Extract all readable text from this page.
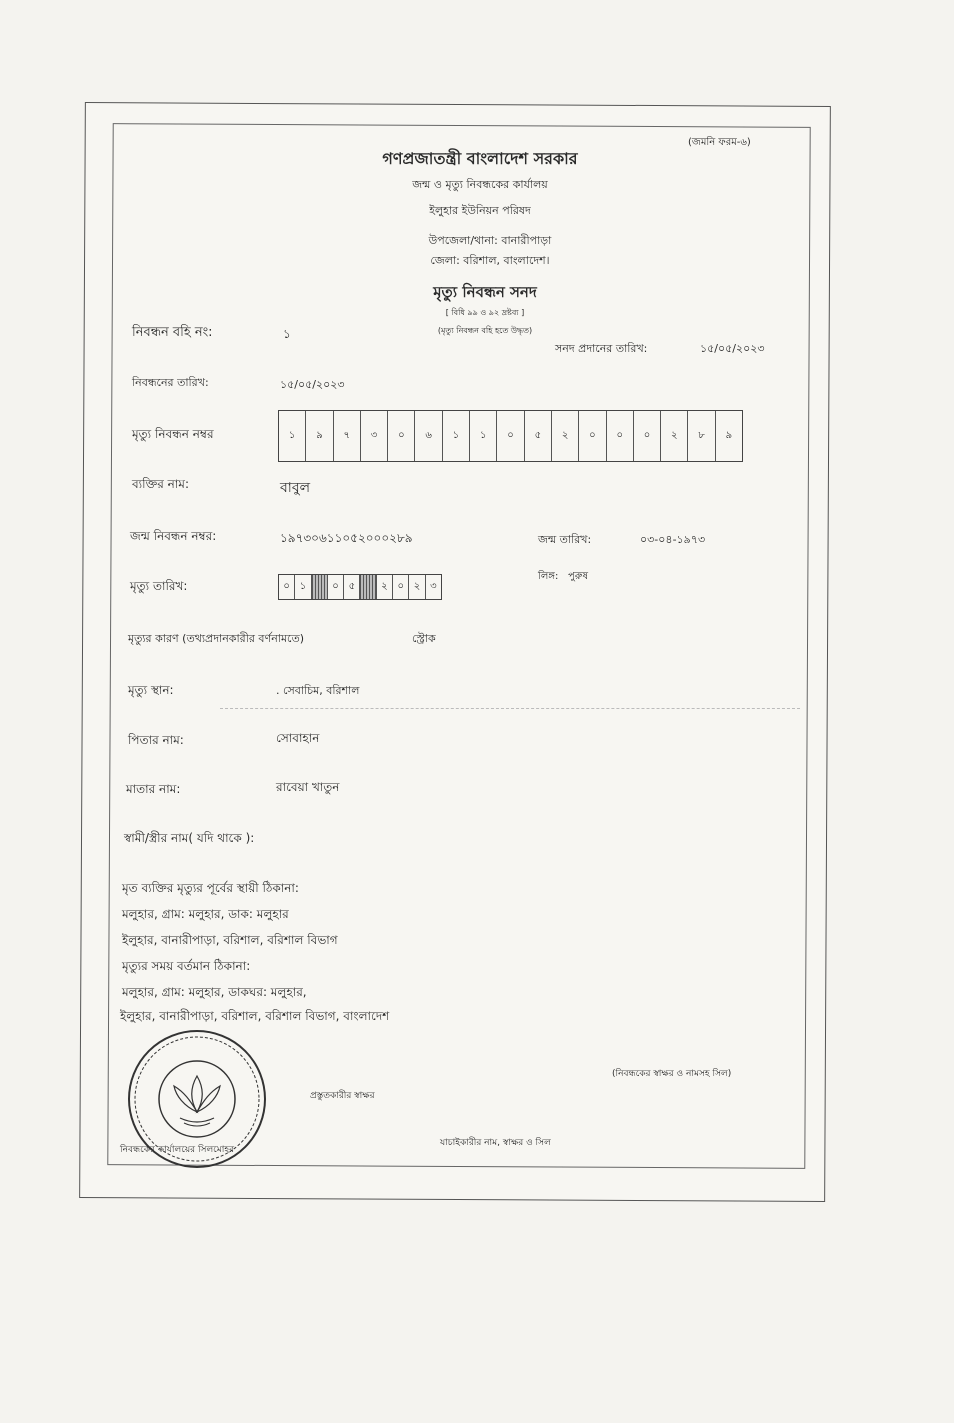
(জমনি ফরম-৬)
গণপ্রজাতন্ত্রী বাংলাদেশ সরকার
জন্ম ও মৃত্যু নিবন্ধকের কার্যালয়
ইলুহার ইউনিয়ন পরিষদ
উপজেলা/থানা: বানারীপাড়া
জেলা: বরিশাল, বাংলাদেশ।
মৃত্যু নিবন্ধন সনদ
[ বিধি ৯৯ ও ৯২ দ্রষ্টব্য ]
(মৃত্যু নিবন্ধন বহি হতে উদ্ধৃত)
নিবন্ধন বহি নং:	১
সনদ প্রদানের তারিখ:	১৫/০৫/২০২৩
নিবন্ধনের তারিখ:	১৫/০৫/২০২৩
মৃত্যু নিবন্ধন নম্বর	১	৯	৭	৩	০	৬	১	১	০	৫	২	০	০	০	২	৮	৯
ব্যক্তির নাম:	বাবুল
জন্ম নিবন্ধন নম্বর:	১৯৭৩০৬১১০৫২০০০২৮৯	জন্ম তারিখ:	০৩-০৪-১৯৭৩
মৃত্যু তারিখ:	০ ১	০ ৫	২ ০ ২ ৩
লিঙ্গ: পুরুষ
মৃত্যুর কারণ (তথ্যপ্রদানকারীর বর্ণনামতে)	স্ট্রোক
মৃত্যু স্থান:	. সেবাচিম, বরিশাল
পিতার নাম:	সোবাহান
মাতার নাম:	রাবেয়া খাতুন
স্বামী/স্ত্রীর নাম( যদি থাকে ):
মৃত ব্যক্তির মৃত্যুর পূর্বের স্থায়ী ঠিকানা:
মলুহার, গ্রাম: মলুহার, ডাক: মলুহার
ইলুহার, বানারীপাড়া, বরিশাল, বরিশাল বিভাগ
মৃত্যুর সময় বর্তমান ঠিকানা:
মলুহার, গ্রাম: মলুহার, ডাকঘর: মলুহার,
ইলুহার, বানারীপাড়া, বরিশাল, বরিশাল বিভাগ, বাংলাদেশ
(নিবন্ধকের স্বাক্ষর ও নামসহ সিল)
প্রস্তুতকারীর স্বাক্ষর
যাচাইকারীর নাম, স্বাক্ষর ও সিল
নিবন্ধকের কার্যালয়ের সিলমোহর
